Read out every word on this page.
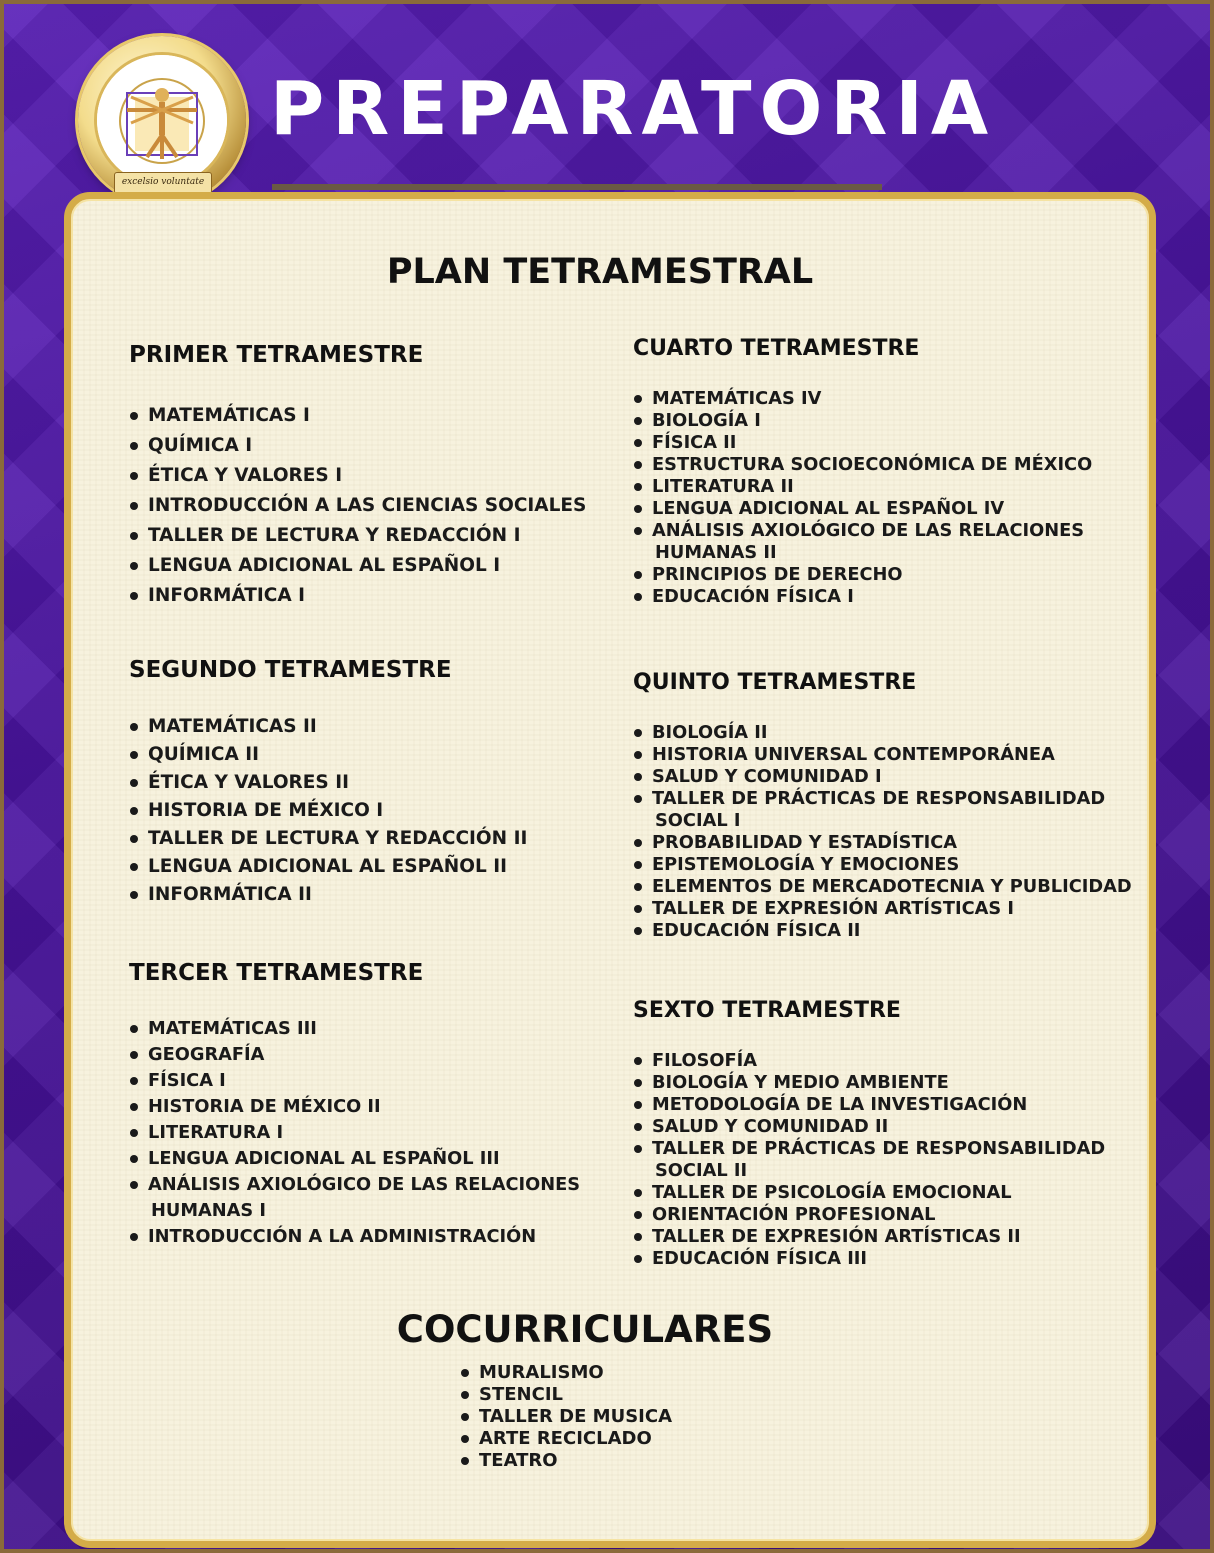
excelsio voluntate
PREPARATORIA
PLAN TETRAMESTRAL
PRIMER TETRAMESTRE
MATEMÁTICAS I
QUÍMICA I
ÉTICA Y VALORES I
INTRODUCCIÓN A LAS CIENCIAS SOCIALES
TALLER DE LECTURA Y REDACCIÓN I
LENGUA ADICIONAL AL ESPAÑOL I
INFORMÁTICA I
SEGUNDO TETRAMESTRE
MATEMÁTICAS II
QUÍMICA II
ÉTICA Y VALORES II
HISTORIA DE MÉXICO I
TALLER DE LECTURA Y REDACCIÓN II
LENGUA ADICIONAL AL ESPAÑOL II
INFORMÁTICA II
TERCER TETRAMESTRE
MATEMÁTICAS III
GEOGRAFÍA
FÍSICA I
HISTORIA DE MÉXICO II
LITERATURA I
LENGUA ADICIONAL AL ESPAÑOL III
ANÁLISIS AXIOLÓGICO DE LAS RELACIONES
HUMANAS I
INTRODUCCIÓN A LA ADMINISTRACIÓN
CUARTO TETRAMESTRE
MATEMÁTICAS IV
BIOLOGÍA I
FÍSICA II
ESTRUCTURA SOCIOECONÓMICA DE MÉXICO
LITERATURA II
LENGUA ADICIONAL AL ESPAÑOL IV
ANÁLISIS AXIOLÓGICO DE LAS RELACIONES
HUMANAS II
PRINCIPIOS DE DERECHO
EDUCACIÓN FÍSICA I
QUINTO TETRAMESTRE
BIOLOGÍA II
HISTORIA UNIVERSAL CONTEMPORÁNEA
SALUD Y COMUNIDAD I
TALLER DE PRÁCTICAS DE RESPONSABILIDAD
SOCIAL I
PROBABILIDAD Y ESTADÍSTICA
EPISTEMOLOGÍA Y EMOCIONES
ELEMENTOS DE MERCADOTECNIA Y PUBLICIDAD
TALLER DE EXPRESIÓN ARTÍSTICAS I
EDUCACIÓN FÍSICA II
SEXTO TETRAMESTRE
FILOSOFÍA
BIOLOGÍA Y MEDIO AMBIENTE
METODOLOGÍA DE LA INVESTIGACIÓN
SALUD Y COMUNIDAD II
TALLER DE PRÁCTICAS DE RESPONSABILIDAD
SOCIAL II
TALLER DE PSICOLOGÍA EMOCIONAL
ORIENTACIÓN PROFESIONAL
TALLER DE EXPRESIÓN ARTÍSTICAS II
EDUCACIÓN FÍSICA III
COCURRICULARES
MURALISMO
STENCIL
TALLER DE MUSICA
ARTE RECICLADO
TEATRO
